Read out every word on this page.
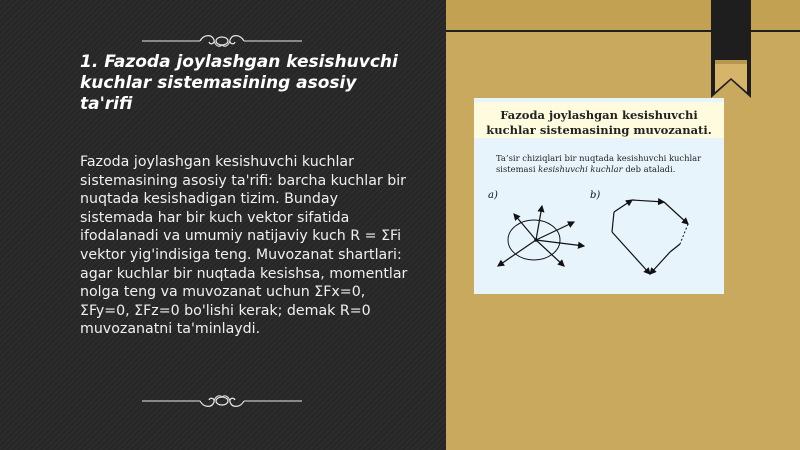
1. Fazoda joylashgan kesishuvchi kuchlar sistemasining asosiy ta'rifi
Fazoda joylashgan kesishuvchi kuchlar sistemasining asosiy ta'rifi: barcha kuchlar bir nuqtada kesishadigan tizim. Bunday sistemada har bir kuch vektor sifatida ifodalanadi va umumiy natijaviy kuch R = ΣFi vektor yig'indisiga teng. Muvozanat shartlari: agar kuchlar bir nuqtada kesishsa, momentlar nolga teng va muvozanat uchun ΣFx=0, ΣFy=0, ΣFz=0 bo'lishi kerak; demak R=0 muvozanatni ta'minlaydi.
Fazoda joylashgan kesishuvchi kuchlar sistemasining muvozanati.
Ta’sir chiziqlari bir nuqtada kesishuvchi kuchlar sistemasi kesishuvchi kuchlar deb ataladi.
a)	b)
